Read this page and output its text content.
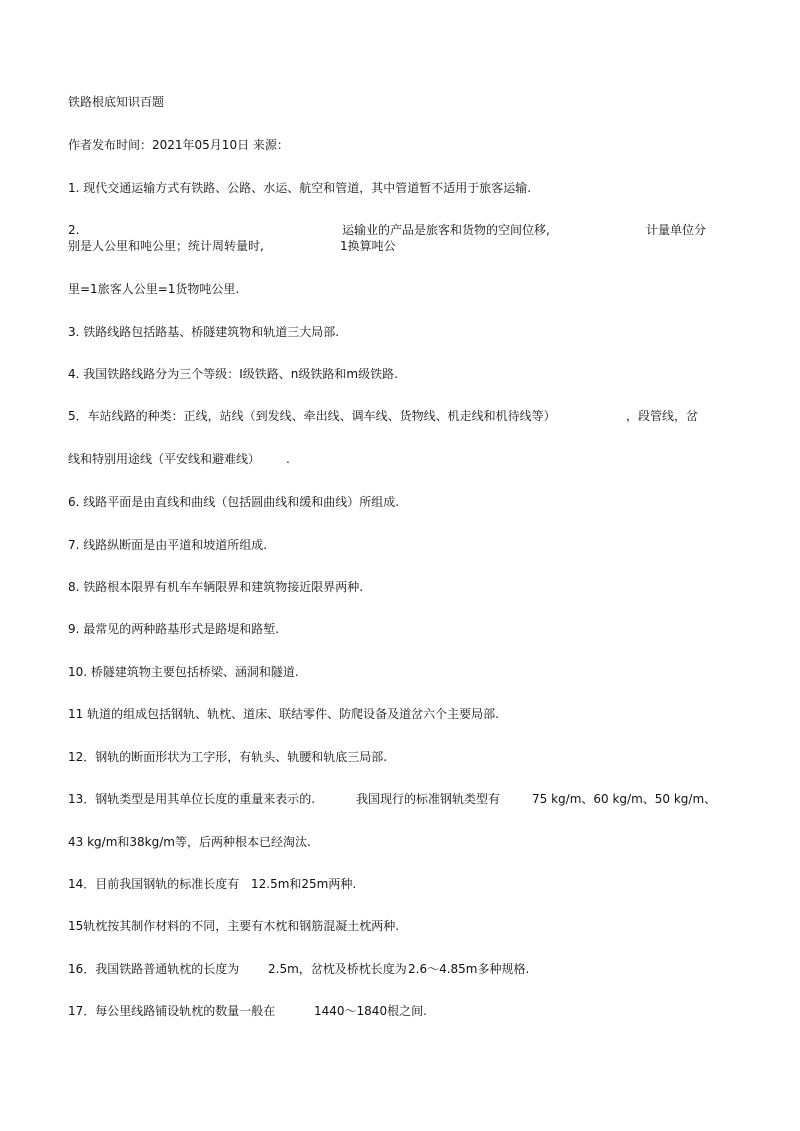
铁路根底知识百题
作者发布时间：2021年05月10日 来源：
1. 现代交通运输方式有铁路、公路、水运、航空和管道，其中管道暂不适用于旅客运输.
2.	运输业的产品是旅客和货物的空间位移,	计量单位分
别是人公里和吨公里；统计周转量时,	1换算吨公
里=1旅客人公里=1货物吨公里.
3. 铁路线路包括路基、桥隧建筑物和轨道三大局部.
4. 我国铁路线路分为三个等级：I级铁路、n级铁路和m级铁路.
5．车站线路的种类：正线，站线（到发线、牵出线、调车线、货物线、机走线和机待线等）	，段管线，岔
线和特别用途线（平安线和避难线） .
6. 线路平面是由直线和曲线（包括圆曲线和缓和曲线）所组成.
7. 线路纵断面是由平道和坡道所组成.
8. 铁路根本限界有机车车辆限界和建筑物接近限界两种.
9. 最常见的两种路基形式是路堤和路堑.
10. 桥隧建筑物主要包括桥梁、涵洞和隧道.
11 轨道的组成包括钢轨、轨枕、道床、联结零件、防爬设备及道岔六个主要局部.
12．钢轨的断面形状为工字形，有轨头、轨腰和轨底三局部.
13．钢轨类型是用其单位长度的重量来表示的.	我国现行的标准钢轨类型有	75 kg/m、60 kg/m、50 kg/m、
43 kg/m和38kg/m等，后两种根本已经淘汰.
14．目前我国钢轨的标准长度有 12.5m和25m两种.
15轨枕按其制作材料的不同，主要有木枕和钢筋混凝土枕两种.
16．我国铁路普通轨枕的长度为 2.5m，岔枕及桥枕长度为 2.6～4.85m多种规格.
17．每公里线路铺设轨枕的数量一般在	1440～1840根之间.
